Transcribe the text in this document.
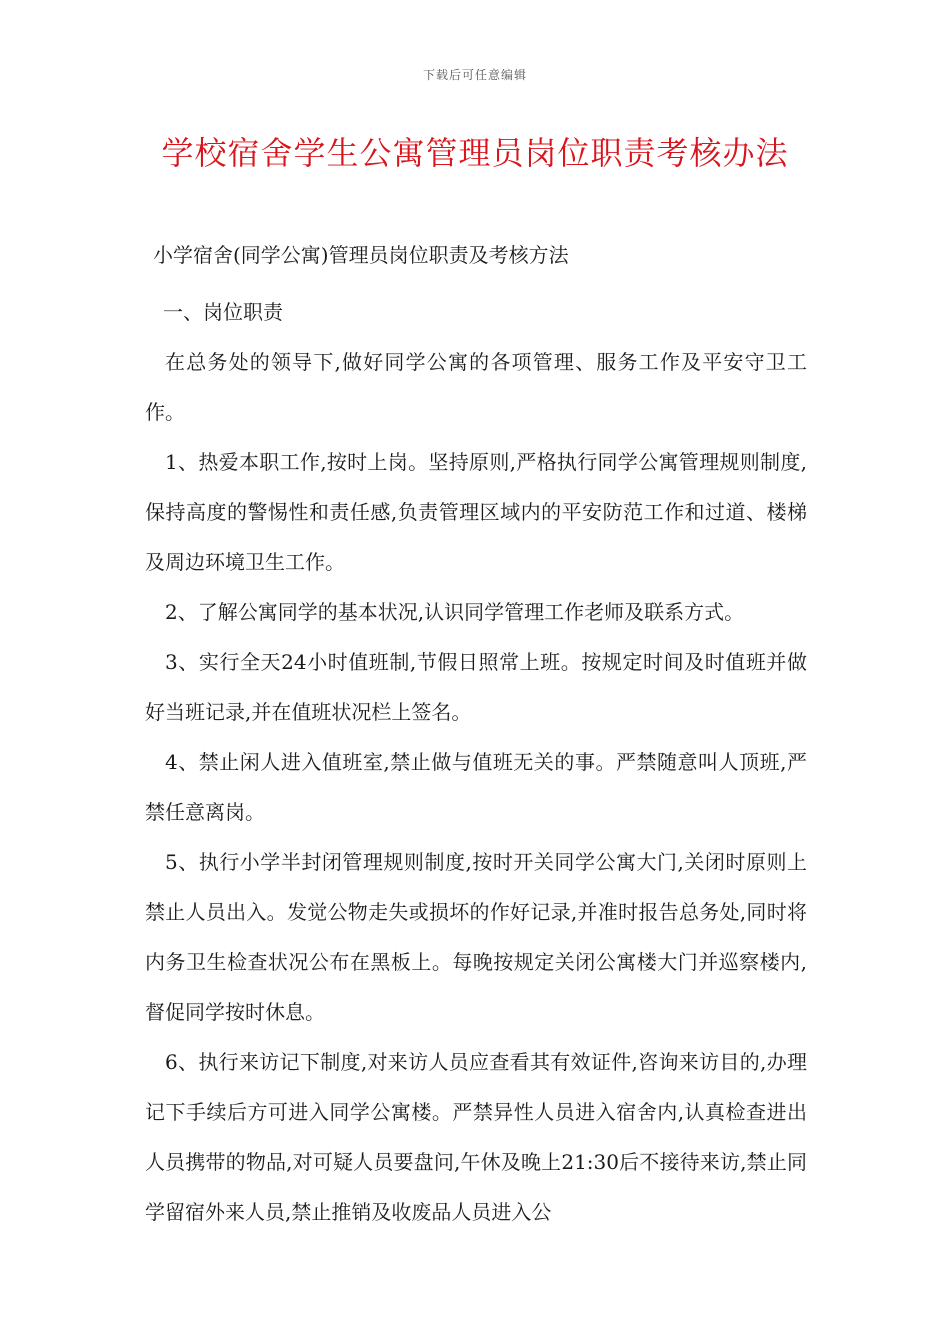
下载后可任意编辑
学校宿舍学生公寓管理员岗位职责考核办法

小学宿舍(同学公寓)管理员岗位职责及考核方法

一、岗位职责

在总务处的领导下,做好同学公寓的各项管理、服务工作及平安守卫工作。

1、热爱本职工作,按时上岗。坚持原则,严格执行同学公寓管理规则制度,保持高度的警惕性和责任感,负责管理区域内的平安防范工作和过道、楼梯及周边环境卫生工作。

2、了解公寓同学的基本状况,认识同学管理工作老师及联系方式。

3、实行全天24小时值班制,节假日照常上班。按规定时间及时值班并做好当班记录,并在值班状况栏上签名。

4、禁止闲人进入值班室,禁止做与值班无关的事。严禁随意叫人顶班,严禁任意离岗。

5、执行小学半封闭管理规则制度,按时开关同学公寓大门,关闭时原则上禁止人员出入。发觉公物走失或损坏的作好记录,并准时报告总务处,同时将内务卫生检查状况公布在黑板上。每晚按规定关闭公寓楼大门并巡察楼内,督促同学按时休息。

6、执行来访记下制度,对来访人员应查看其有效证件,咨询来访目的,办理记下手续后方可进入同学公寓楼。严禁异性人员进入宿舍内,认真检查进出人员携带的物品,对可疑人员要盘问,午休及晚上21:30后不接待来访,禁止同学留宿外来人员,禁止推销及收废品人员进入公
